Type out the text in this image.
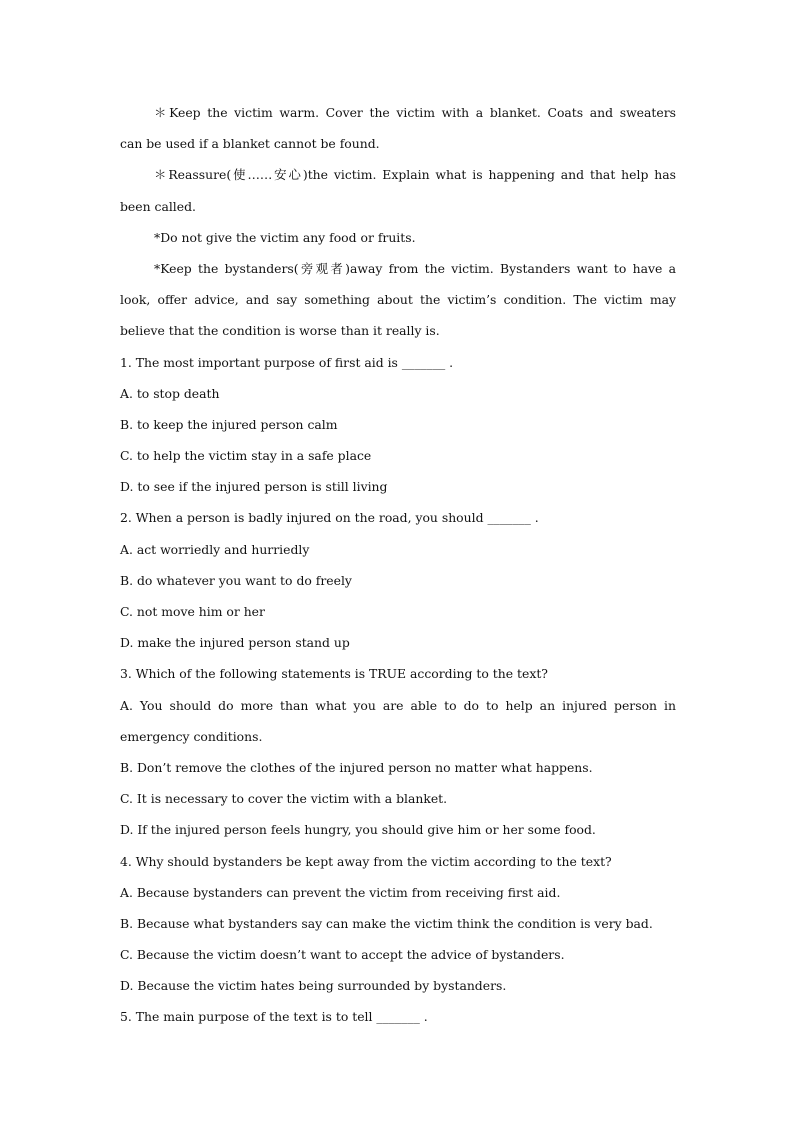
＊Keep the victim warm. Cover the victim with a blanket. Coats and sweaters
can be used if a blanket cannot be found.
＊Reassure(使……安心)the victim. Explain what is happening and that help has
been called.
*Do not give the victim any food or fruits.
*Keep the bystanders(旁观者)away from the victim. Bystanders want to have a
look, offer advice, and say something about the victim’s condition. The victim may
believe that the condition is worse than it really is.
1. The most important purpose of first aid is _______ .
A. to stop death
B. to keep the injured person calm
C. to help the victim stay in a safe place
D. to see if the injured person is still living
2. When a person is badly injured on the road, you should _______ .
A. act worriedly and hurriedly
B. do whatever you want to do freely
C. not move him or her
D. make the injured person stand up
3. Which of the following statements is TRUE according to the text?
A. You should do more than what you are able to do to help an injured person in
emergency conditions.
B. Don’t remove the clothes of the injured person no matter what happens.
C. It is necessary to cover the victim with a blanket.
D. If the injured person feels hungry, you should give him or her some food.
4. Why should bystanders be kept away from the victim according to the text?
A. Because bystanders can prevent the victim from receiving first aid.
B. Because what bystanders say can make the victim think the condition is very bad.
C. Because the victim doesn’t want to accept the advice of bystanders.
D. Because the victim hates being surrounded by bystanders.
5. The main purpose of the text is to tell _______ .
